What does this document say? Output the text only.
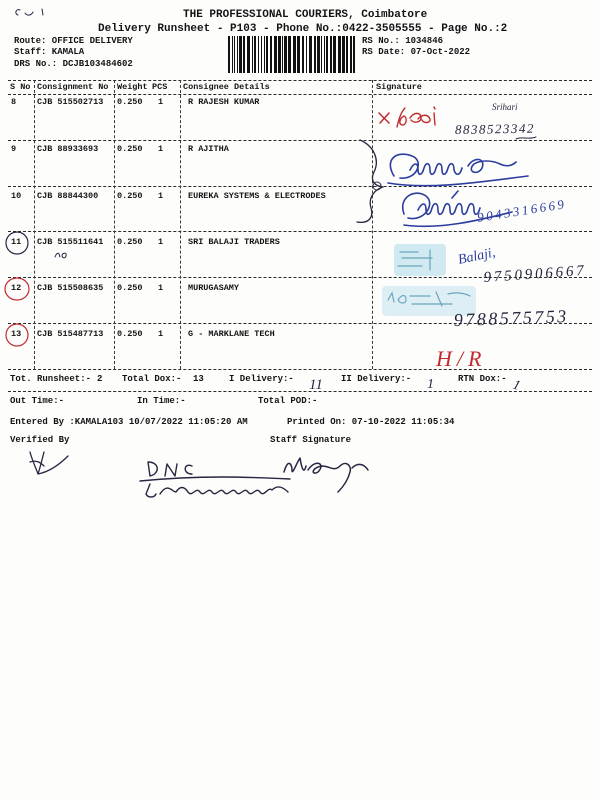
THE PROFESSIONAL COURIERS, Coimbatore
Delivery Runsheet - P103 - Phone No.:0422-3505555 - Page No.:2
Route: OFFICE DELIVERY
Staff: KAMALA
DRS No.: DCJB103484602
RS No.: 1034846
RS Date: 07-Oct-2022
S No Consignment No Weight PCS Consignee Details	Signature
8 CJB 515502713 0.250 1	R RAJESH KUMAR
9 CJB 88933693 0.250 1	R AJITHA
10 CJB 88844300 0.250 1	EUREKA SYSTEMS & ELECTRODES
11 CJB 515511641 0.250 1	SRI BALAJI TRADERS
12 CJB 515508635 0.250 1	MURUGASAMY
13 CJB 515487713 0.250 1	G - MARKLANE TECH
Tot. Runsheet:- 2 Total Dox:- 13	I Delivery:-	II Delivery:-	RTN Dox:-
Out Time:-	In Time:-	Total POD:-
Entered By :KAMALA103 10/07/2022 11:05:20 AM	Printed On: 07-10-2022 11:05:34
Verified By	Staff Signature
Srihari
8838523342
9043316669
Balaji,
9750906667
9788575753
H/R
11	1	1
